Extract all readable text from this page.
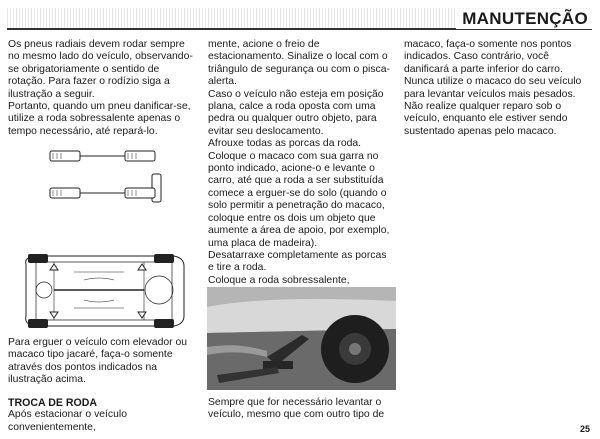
MANUTENÇÃO

Os pneus radiais devem rodar sempre no mesmo lado do veículo, observando-se obrigatoriamente o sentido de rotação. Para fazer o rodízio siga a ilustração a seguir.

Portanto, quando um pneu danificar-se, utilize a roda sobressalente apenas o tempo necessário, até repará-lo.

Para erguer o veículo com elevador ou macaco tipo jacaré, faça-o somente através dos pontos indicados na ilustração acima.

TROCA DE RODA

Após estacionar o veículo convenientemente,

mente, acione o freio de estacionamento. Sinalize o local com o triângulo de segurança ou com o pisca-alerta.

Caso o veículo não esteja em posição plana, calce a roda oposta com uma pedra ou qualquer outro objeto, para evitar seu deslocamento.

Afrouxe todas as porcas da roda. Coloque o macaco com sua garra no ponto indicado, acione-o e levante o carro, até que a roda a ser substituída comece a erguer-se do solo (quando o solo permitir a penetração do macaco, coloque entre os dois um objeto que aumente a área de apoio, por exemplo, uma placa de madeira).

Desatarraxe completamente as porcas e tire a roda.

Coloque a roda sobressalente,

Sempre que for necessário levantar o veículo, mesmo que com outro tipo de

macaco, faça-o somente nos pontos indicados. Caso contrário, você danificará a parte inferior do carro.

Nunca utilize o macaco do seu veículo para levantar veículos mais pesados. Não realize qualquer reparo sob o veículo, enquanto ele estiver sendo sustentado apenas pelo macaco.

25
